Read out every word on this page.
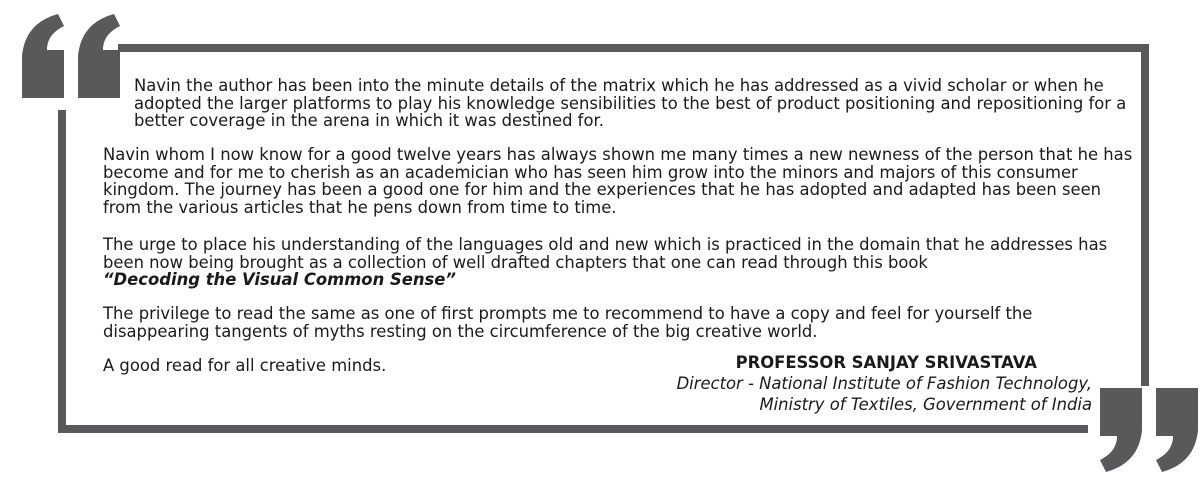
Navin the author has been into the minute details of the matrix which he has addressed as a vivid scholar or when he adopted the larger platforms to play his knowledge sensibilities to the best of product positioning and repositioning for a better coverage in the arena in which it was destined for.

Navin whom I now know for a good twelve years has always shown me many times a new newness of the person that he has become and for me to cherish as an academician who has seen him grow into the minors and majors of this consumer kingdom. The journey has been a good one for him and the experiences that he has adopted and adapted has been seen from the various articles that he pens down from time to time.

The urge to place his understanding of the languages old and new which is practiced in the domain that he addresses has been now being brought as a collection of well drafted chapters that one can read through this book
“Decoding the Visual Common Sense”

The privilege to read the same as one of first prompts me to recommend to have a copy and feel for yourself the disappearing tangents of myths resting on the circumference of the big creative world.

A good read for all creative minds.	PROFESSOR SANJAY SRIVASTAVA
Director - National Institute of Fashion Technology,
Ministry of Textiles, Government of India
